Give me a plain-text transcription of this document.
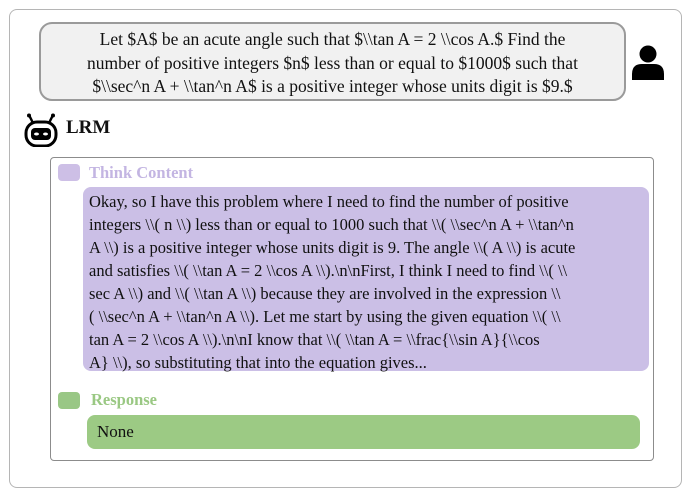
Let $A$ be an acute angle such that $\\tan A = 2 \\cos A.$ Find the
number of positive integers $n$ less than or equal to $1000$ such that
$\\sec^n A + \\tan^n A$ is a positive integer whose units digit is $9.$
LRM
Think Content
Okay, so I have this problem where I need to find the number of positive
integers \\( n \\) less than or equal to 1000 such that \\( \\sec^n A + \\tan^n
A \\) is a positive integer whose units digit is 9. The angle \\( A \\) is acute
and satisfies \\( \\tan A = 2 \\cos A \\).\n\nFirst, I think I need to find \\( \\
sec A \\) and \\( \\tan A \\) because they are involved in the expression \\
( \\sec^n A + \\tan^n A \\). Let me start by using the given equation \\( \\
tan A = 2 \\cos A \\).\n\nI know that \\( \\tan A = \\frac{\\sin A}{\\cos
A} \\), so substituting that into the equation gives...
Response
None
